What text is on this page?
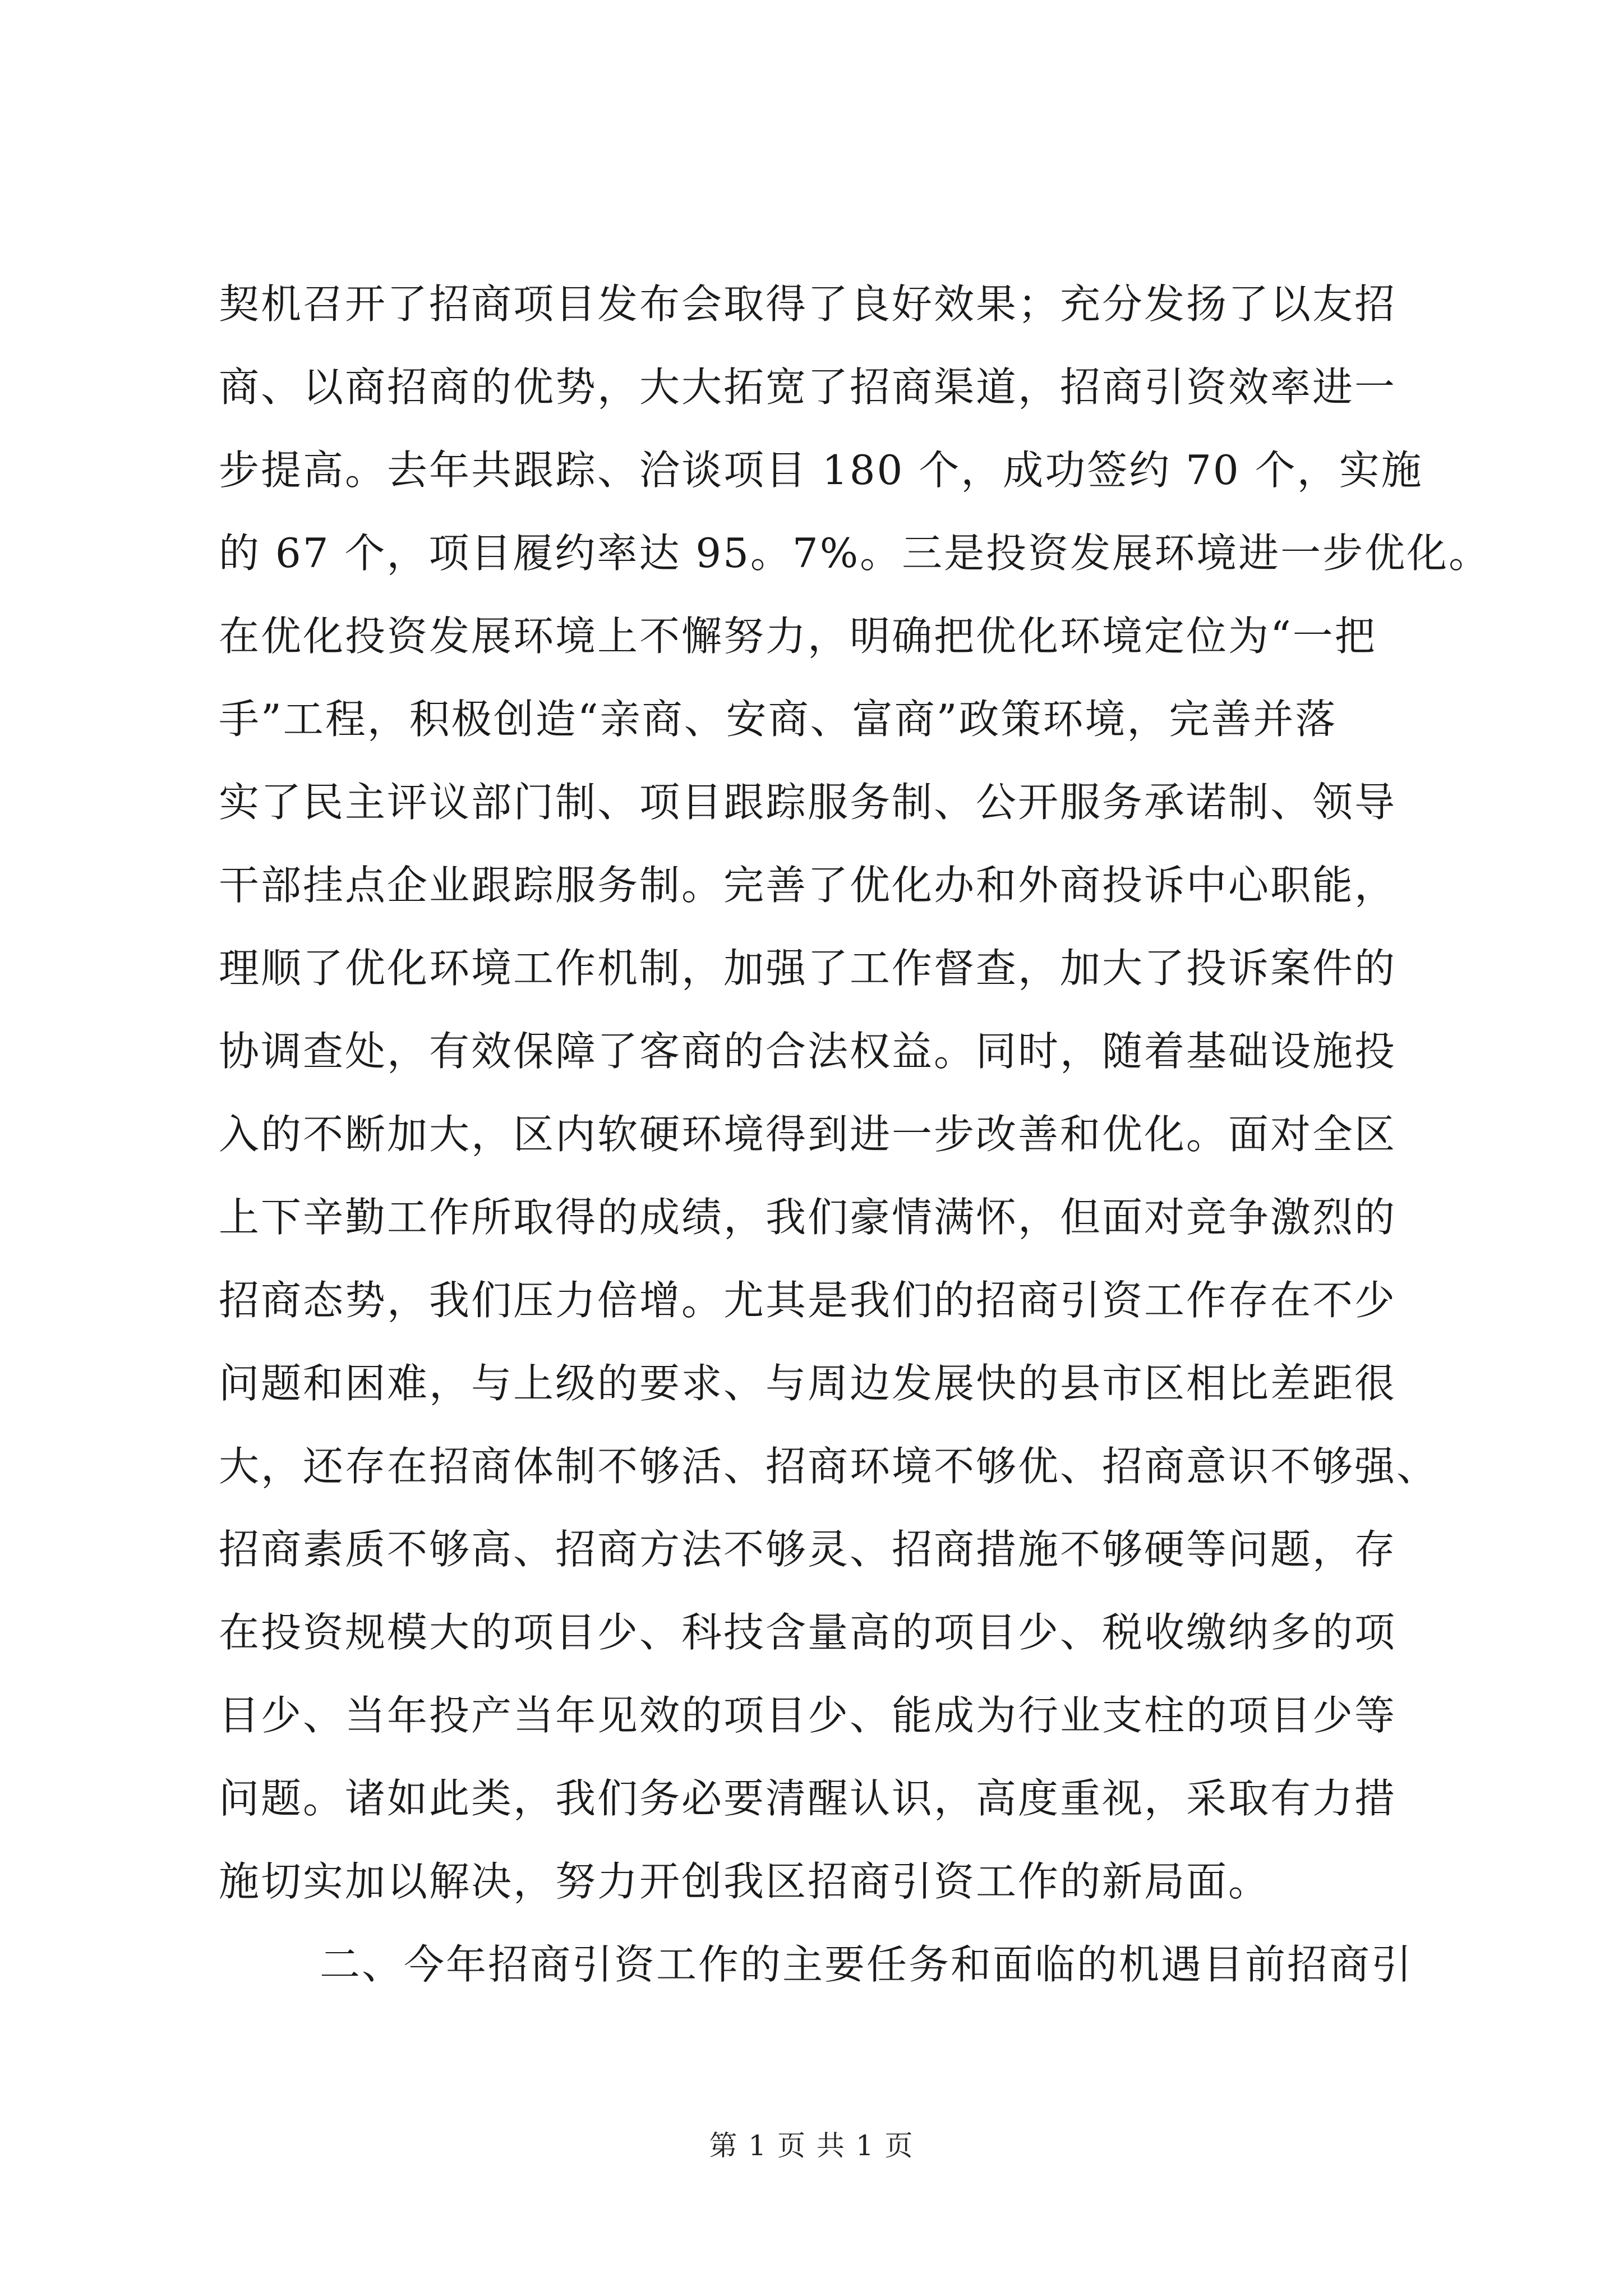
契机召开了招商项目发布会取得了良好效果；充分发扬了以友招
商、以商招商的优势，大大拓宽了招商渠道，招商引资效率进一
步提高。去年共跟踪、洽谈项目 180 个，成功签约 70 个，实施
的 67 个，项目履约率达 95。7%。三是投资发展环境进一步优化。
在优化投资发展环境上不懈努力，明确把优化环境定位为“一把
手”工程，积极创造“亲商、安商、富商”政策环境，完善并落
实了民主评议部门制、项目跟踪服务制、公开服务承诺制、领导
干部挂点企业跟踪服务制。完善了优化办和外商投诉中心职能，
理顺了优化环境工作机制，加强了工作督查，加大了投诉案件的
协调查处，有效保障了客商的合法权益。同时，随着基础设施投
入的不断加大，区内软硬环境得到进一步改善和优化。面对全区
上下辛勤工作所取得的成绩，我们豪情满怀，但面对竞争激烈的
招商态势，我们压力倍增。尤其是我们的招商引资工作存在不少
问题和困难，与上级的要求、与周边发展快的县市区相比差距很
大，还存在招商体制不够活、招商环境不够优、招商意识不够强、
招商素质不够高、招商方法不够灵、招商措施不够硬等问题，存
在投资规模大的项目少、科技含量高的项目少、税收缴纳多的项
目少、当年投产当年见效的项目少、能成为行业支柱的项目少等
问题。诸如此类，我们务必要清醒认识，高度重视，采取有力措
施切实加以解决，努力开创我区招商引资工作的新局面。
二、今年招商引资工作的主要任务和面临的机遇目前招商引
第 1 页 共 1 页
